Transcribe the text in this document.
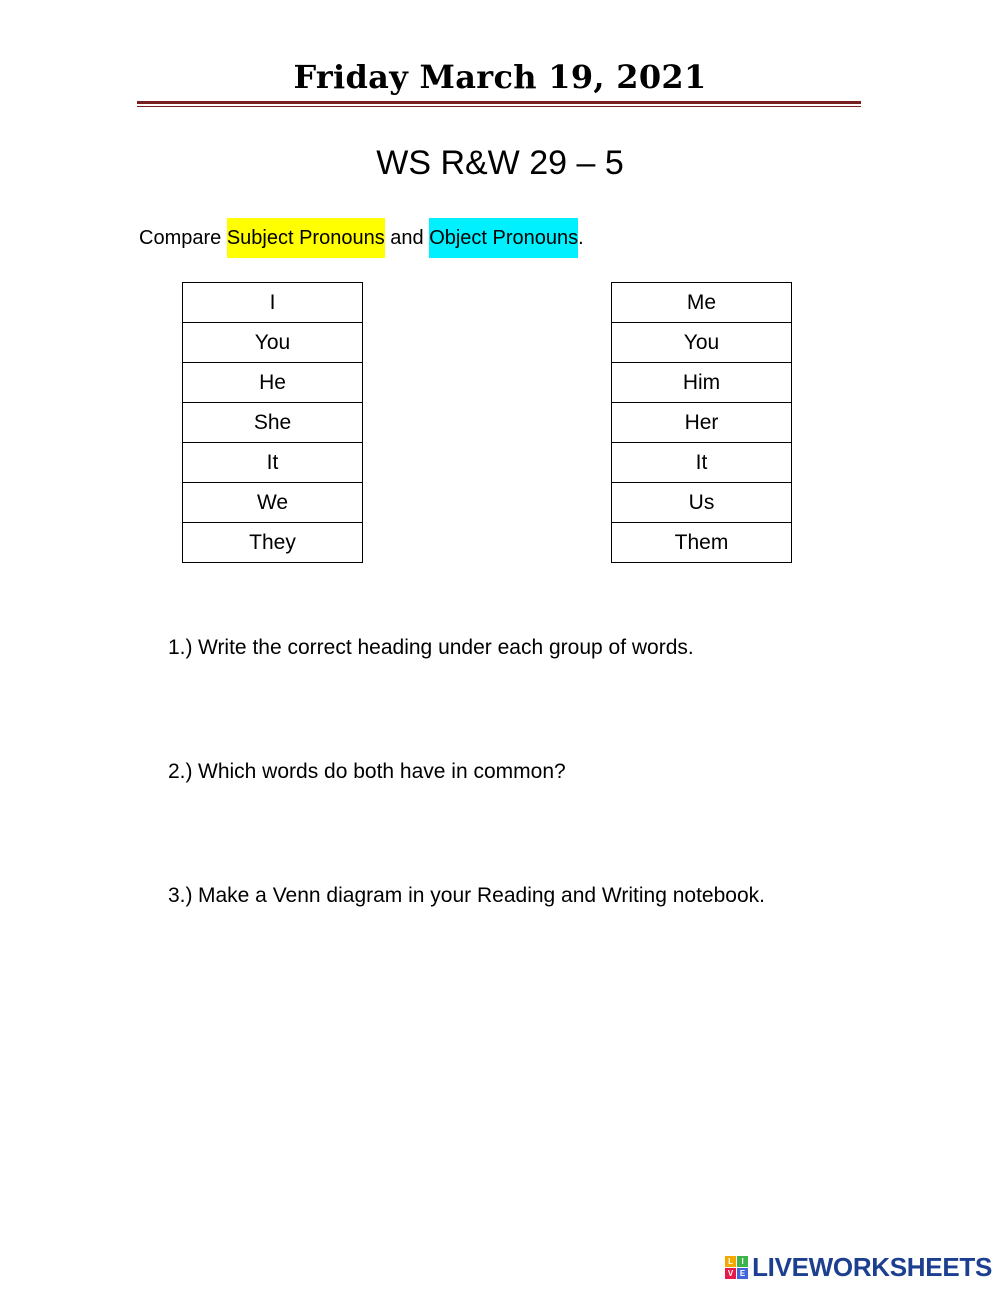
Friday March 19, 2021
WS R&W 29 – 5
Compare Subject Pronouns and Object Pronouns .
I
You
He
She
It
We
They
Me
You
Him
Her
It
Us
Them
1.) Write the correct heading under each group of words.
2.) Which words do both have in common?
3.) Make a Venn diagram in your Reading and Writing notebook.
L	I
V E LIVEWORKSHEETS
